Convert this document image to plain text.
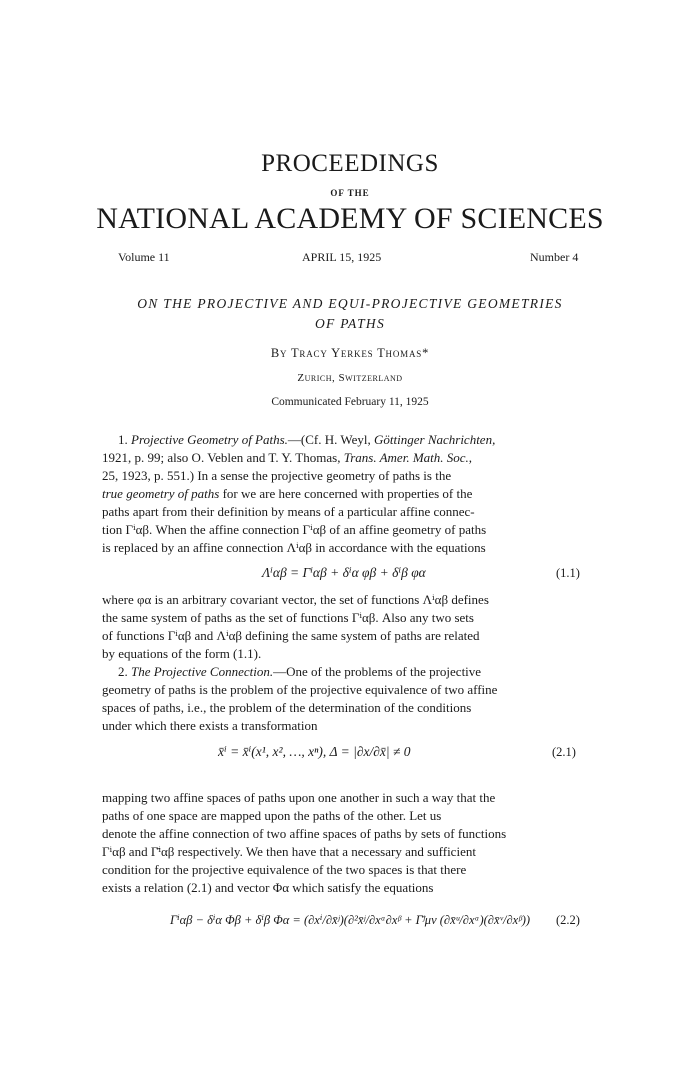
PROCEEDINGS
OF THE
NATIONAL ACADEMY OF SCIENCES
Volume 11	APRIL 15, 1925	Number 4
ON THE PROJECTIVE AND EQUI-PROJECTIVE GEOMETRIES
OF PATHS
By Tracy Yerkes Thomas*
Zurich, Switzerland
Communicated February 11, 1925
1. Projective Geometry of Paths.—(Cf. H. Weyl, Göttinger Nachrichten,
1921, p. 99; also O. Veblen and T. Y. Thomas, Trans. Amer. Math. Soc.,
25, 1923, p. 551.) In a sense the projective geometry of paths is the
true geometry of paths for we are here concerned with properties of the
paths apart from their definition by means of a particular affine connec-
tion Γⁱαβ. When the affine connection Γⁱαβ of an affine geometry of paths
is replaced by an affine connection Λⁱαβ in accordance with the equations
Λⁱαβ = Γⁱαβ + δⁱα φβ + δⁱβ φα	(1.1)
where φα is an arbitrary covariant vector, the set of functions Λⁱαβ defines
the same system of paths as the set of functions Γⁱαβ. Also any two sets
of functions Γⁱαβ and Λⁱαβ defining the same system of paths are related
by equations of the form (1.1).
2. The Projective Connection.—One of the problems of the projective
geometry of paths is the problem of the projective equivalence of two affine
spaces of paths, i.e., the problem of the determination of the conditions
under which there exists a transformation
x̄ⁱ = x̄ⁱ(x¹, x², …, xⁿ), Δ = |∂x/∂x̄| ≠ 0	(2.1)
mapping two affine spaces of paths upon one another in such a way that the
paths of one space are mapped upon the paths of the other. Let us
denote the affine connection of two affine spaces of paths by sets of functions
Γⁱαβ and Γ̄ⁱαβ respectively. We then have that a necessary and sufficient
condition for the projective equivalence of the two spaces is that there
exists a relation (2.1) and vector Φα which satisfy the equations
Γⁱαβ − δⁱα Φβ + δⁱβ Φα = (∂xⁱ/∂x̄ʲ)(∂²x̄ʲ/∂xᵅ∂xᵝ + Γ̄ʲμν (∂x̄ᵘ/∂xᵅ)(∂x̄ᵛ/∂xᵝ)) (2.2)
